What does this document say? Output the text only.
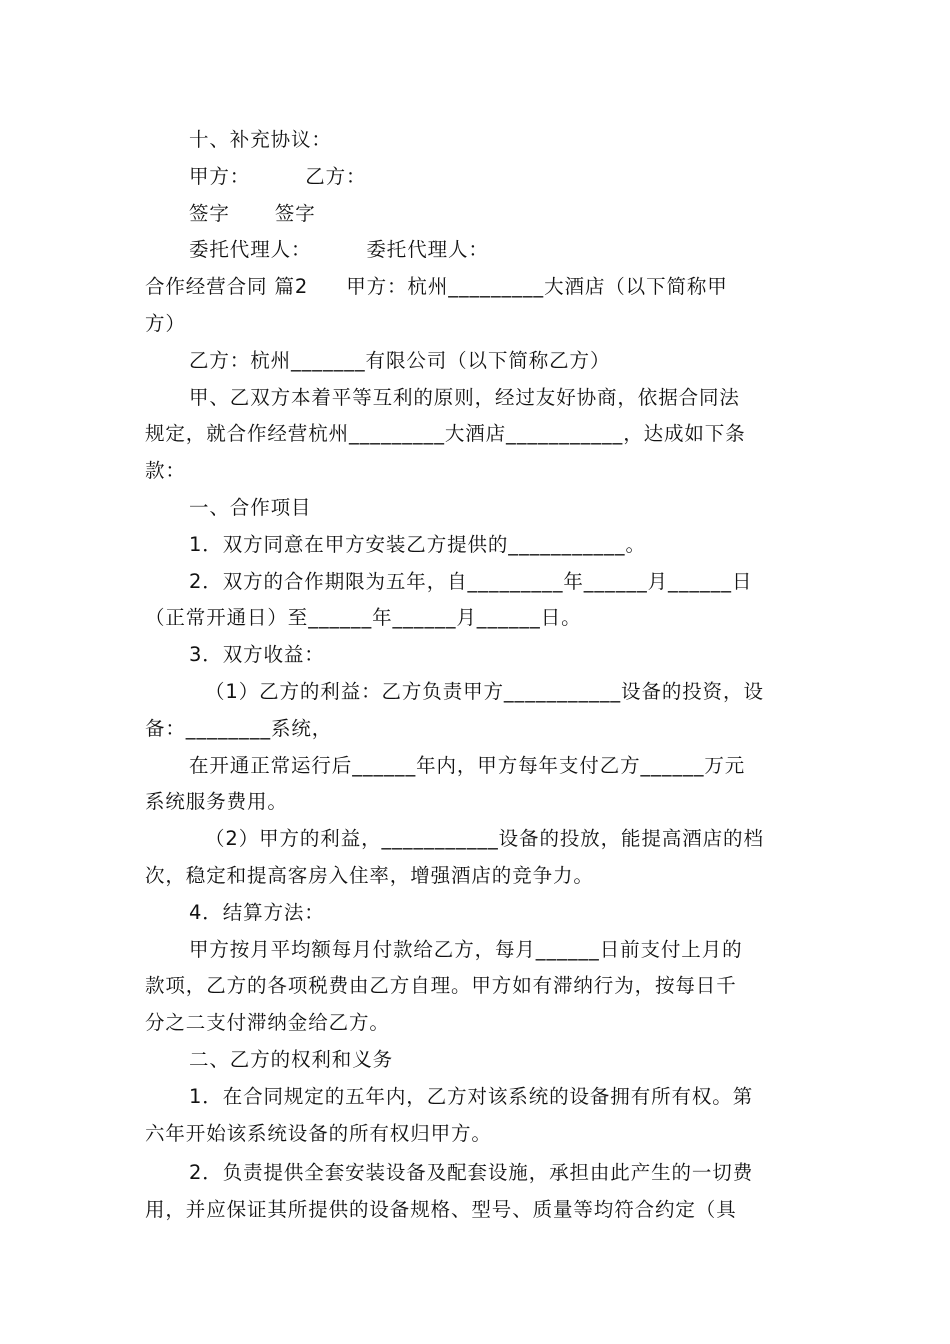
十、补充协议：

甲方：	乙方：

签字 签字

委托代理人：	委托代理人：

合作经营合同 篇2 甲方：杭州_________大酒店（以下简称甲

方）

乙方：杭州_______有限公司（以下简称乙方）

甲、乙双方本着平等互利的原则，经过友好协商，依据合同法

规定，就合作经营杭州_________大酒店___________，达成如下条

款：

一、合作项目

1．双方同意在甲方安装乙方提供的___________。

2．双方的合作期限为五年，自_________年______月______日

（正常开通日）至______年______月______日。

3．双方收益：

（1）乙方的利益：乙方负责甲方___________设备的投资，设

备：________系统，

在开通正常运行后______年内，甲方每年支付乙方______万元

系统服务费用。

（2）甲方的利益，___________设备的投放，能提高酒店的档

次，稳定和提高客房入住率，增强酒店的竞争力。

4．结算方法：

甲方按月平均额每月付款给乙方，每月______日前支付上月的

款项，乙方的各项税费由乙方自理。甲方如有滞纳行为，按每日千

分之二支付滞纳金给乙方。

二、乙方的权利和义务

1．在合同规定的五年内，乙方对该系统的设备拥有所有权。第

六年开始该系统设备的所有权归甲方。

2．负责提供全套安装设备及配套设施，承担由此产生的一切费

用，并应保证其所提供的设备规格、型号、质量等均符合约定（具
